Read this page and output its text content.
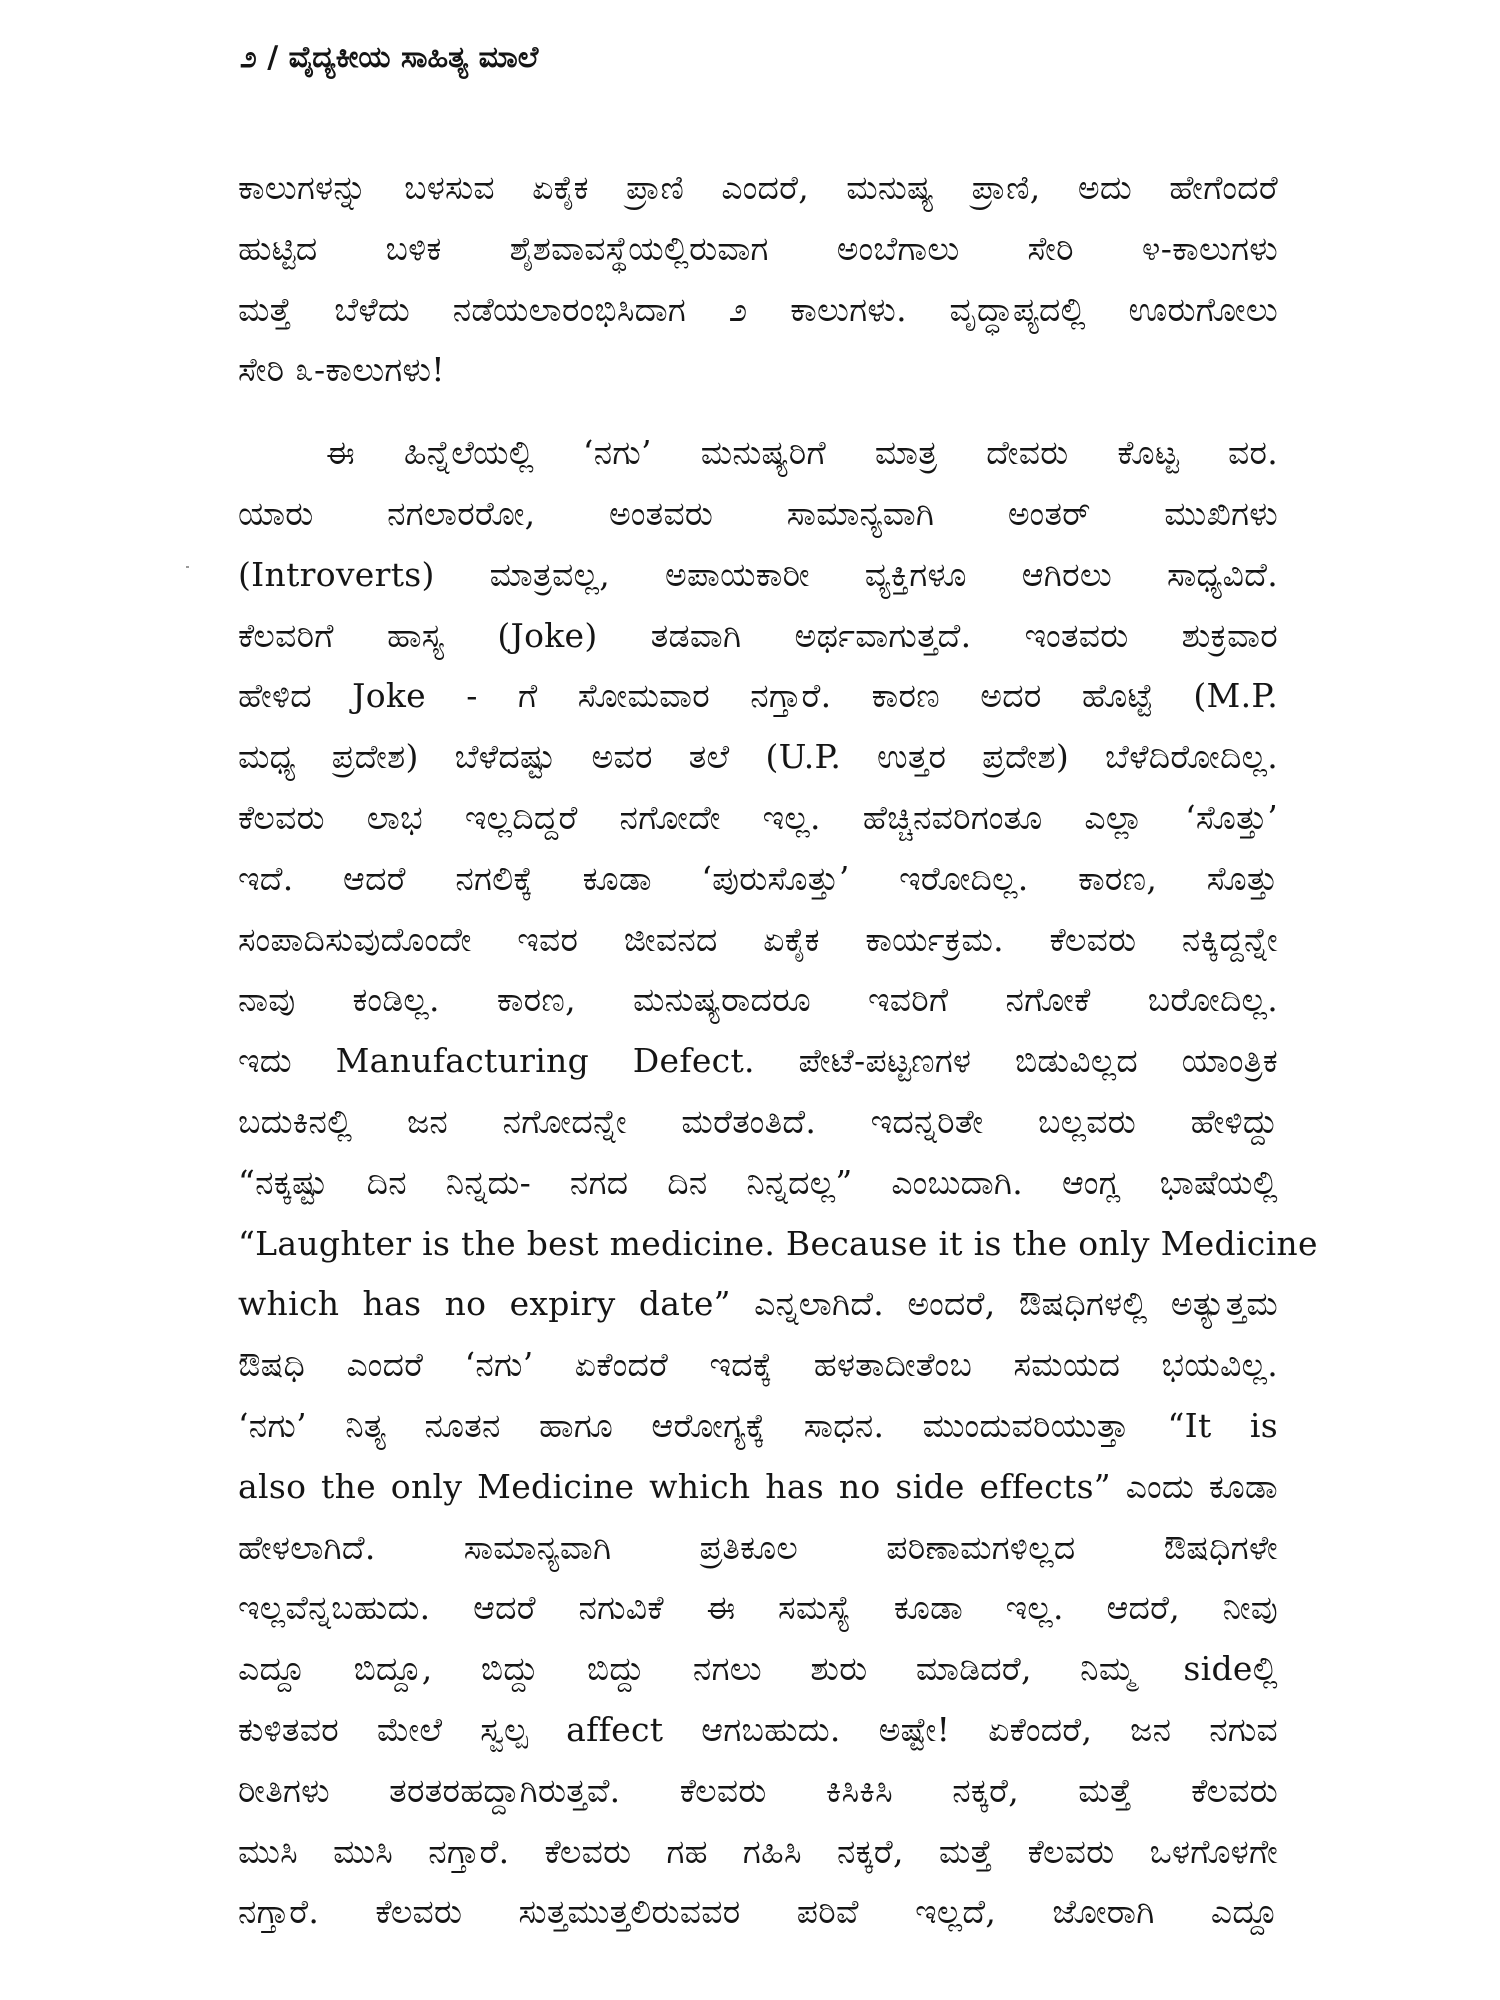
೨ / ವೈದ್ಯಕೀಯ ಸಾಹಿತ್ಯ ಮಾಲೆ
ಕಾಲುಗಳನ್ನು ಬಳಸುವ ಏಕೈಕ ಪ್ರಾಣಿ ಎಂದರೆ, ಮನುಷ್ಯ ಪ್ರಾಣಿ, ಅದು ಹೇಗೆಂದರೆ
ಹುಟ್ಟಿದ ಬಳಿಕ ಶೈಶವಾವಸ್ಥೆಯಲ್ಲಿರುವಾಗ ಅಂಬೆಗಾಲು ಸೇರಿ ೪-ಕಾಲುಗಳು
ಮತ್ತೆ ಬೆಳೆದು ನಡೆಯಲಾರಂಭಿಸಿದಾಗ ೨ ಕಾಲುಗಳು. ವೃದ್ಧಾಪ್ಯದಲ್ಲಿ ಊರುಗೋಲು
ಸೇರಿ ೩-ಕಾಲುಗಳು!
ಈ ಹಿನ್ನೆಲೆಯಲ್ಲಿ ‘ನಗು’ ಮನುಷ್ಯರಿಗೆ ಮಾತ್ರ ದೇವರು ಕೊಟ್ಟ ವರ.
ಯಾರು ನಗಲಾರರೋ, ಅಂತವರು ಸಾಮಾನ್ಯವಾಗಿ ಅಂತರ್ ಮುಖಿಗಳು
(Introverts) ಮಾತ್ರವಲ್ಲ, ಅಪಾಯಕಾರೀ ವ್ಯಕ್ತಿಗಳೂ ಆಗಿರಲು ಸಾಧ್ಯವಿದೆ.
ಕೆಲವರಿಗೆ ಹಾಸ್ಯ (Joke) ತಡವಾಗಿ ಅರ್ಥವಾಗುತ್ತದೆ. ಇಂತವರು ಶುಕ್ರವಾರ
ಹೇಳಿದ Joke - ಗೆ ಸೋಮವಾರ ನಗ್ತಾರೆ. ಕಾರಣ ಅದರ ಹೊಟ್ಟೆ (M.P.
ಮಧ್ಯ ಪ್ರದೇಶ) ಬೆಳೆದಷ್ಟು ಅವರ ತಲೆ (U.P. ಉತ್ತರ ಪ್ರದೇಶ) ಬೆಳೆದಿರೋದಿಲ್ಲ.
ಕೆಲವರು ಲಾಭ ಇಲ್ಲದಿದ್ದರೆ ನಗೋದೇ ಇಲ್ಲ. ಹೆಚ್ಚಿನವರಿಗಂತೂ ಎಲ್ಲಾ ‘ಸೊತ್ತು’
ಇದೆ. ಆದರೆ ನಗಲಿಕ್ಕೆ ಕೂಡಾ ‘ಪುರುಸೊತ್ತು’ ಇರೋದಿಲ್ಲ. ಕಾರಣ, ಸೊತ್ತು
ಸಂಪಾದಿಸುವುದೊಂದೇ ಇವರ ಜೀವನದ ಏಕೈಕ ಕಾರ್ಯಕ್ರಮ. ಕೆಲವರು ನಕ್ಕಿದ್ದನ್ನೇ
ನಾವು ಕಂಡಿಲ್ಲ. ಕಾರಣ, ಮನುಷ್ಯರಾದರೂ ಇವರಿಗೆ ನಗೋಕೆ ಬರೋದಿಲ್ಲ.
ಇದು Manufacturing Defect. ಪೇಟೆ-ಪಟ್ಟಣಗಳ ಬಿಡುವಿಲ್ಲದ ಯಾಂತ್ರಿಕ
ಬದುಕಿನಲ್ಲಿ ಜನ ನಗೋದನ್ನೇ ಮರೆತಂತಿದೆ. ಇದನ್ನರಿತೇ ಬಲ್ಲವರು ಹೇಳಿದ್ದು
“ನಕ್ಕಷ್ಟು ದಿನ ನಿನ್ನದು- ನಗದ ದಿನ ನಿನ್ನದಲ್ಲ” ಎಂಬುದಾಗಿ. ಆಂಗ್ಲ ಭಾಷೆಯಲ್ಲಿ
“Laughter is the best medicine. Because it is the only Medicine
which has no expiry date” ಎನ್ನಲಾಗಿದೆ. ಅಂದರೆ, ಔಷಧಿಗಳಲ್ಲಿ ಅತ್ಯುತ್ತಮ
ಔಷಧಿ ಎಂದರೆ ‘ನಗು’ ಏಕೆಂದರೆ ಇದಕ್ಕೆ ಹಳತಾದೀತೆಂಬ ಸಮಯದ ಭಯವಿಲ್ಲ.
‘ನಗು’ ನಿತ್ಯ ನೂತನ ಹಾಗೂ ಆರೋಗ್ಯಕ್ಕೆ ಸಾಧನ. ಮುಂದುವರಿಯುತ್ತಾ “It is
also the only Medicine which has no side effects” ಎಂದು ಕೂಡಾ
ಹೇಳಲಾಗಿದೆ. ಸಾಮಾನ್ಯವಾಗಿ ಪ್ರತಿಕೂಲ ಪರಿಣಾಮಗಳಿಲ್ಲದ ಔಷಧಿಗಳೇ
ಇಲ್ಲವೆನ್ನಬಹುದು. ಆದರೆ ನಗುವಿಕೆ ಈ ಸಮಸ್ಯೆ ಕೂಡಾ ಇಲ್ಲ. ಆದರೆ, ನೀವು
ಎದ್ದೂ ಬಿದ್ದೂ, ಬಿದ್ದು ಬಿದ್ದು ನಗಲು ಶುರು ಮಾಡಿದರೆ, ನಿಮ್ಮ sideಲ್ಲಿ
ಕುಳಿತವರ ಮೇಲೆ ಸ್ವಲ್ಪ affect ಆಗಬಹುದು. ಅಷ್ಟೇ! ಏಕೆಂದರೆ, ಜನ ನಗುವ
ರೀತಿಗಳು ತರತರಹದ್ದಾಗಿರುತ್ತವೆ. ಕೆಲವರು ಕಿಸಿಕಿಸಿ ನಕ್ಕರೆ, ಮತ್ತೆ ಕೆಲವರು
ಮುಸಿ ಮುಸಿ ನಗ್ತಾರೆ. ಕೆಲವರು ಗಹ ಗಹಿಸಿ ನಕ್ಕರೆ, ಮತ್ತೆ ಕೆಲವರು ಒಳಗೊಳಗೇ
ನಗ್ತಾರೆ. ಕೆಲವರು ಸುತ್ತಮುತ್ತಲಿರುವವರ ಪರಿವೆ ಇಲ್ಲದೆ, ಜೋರಾಗಿ ಎದ್ದೂ
